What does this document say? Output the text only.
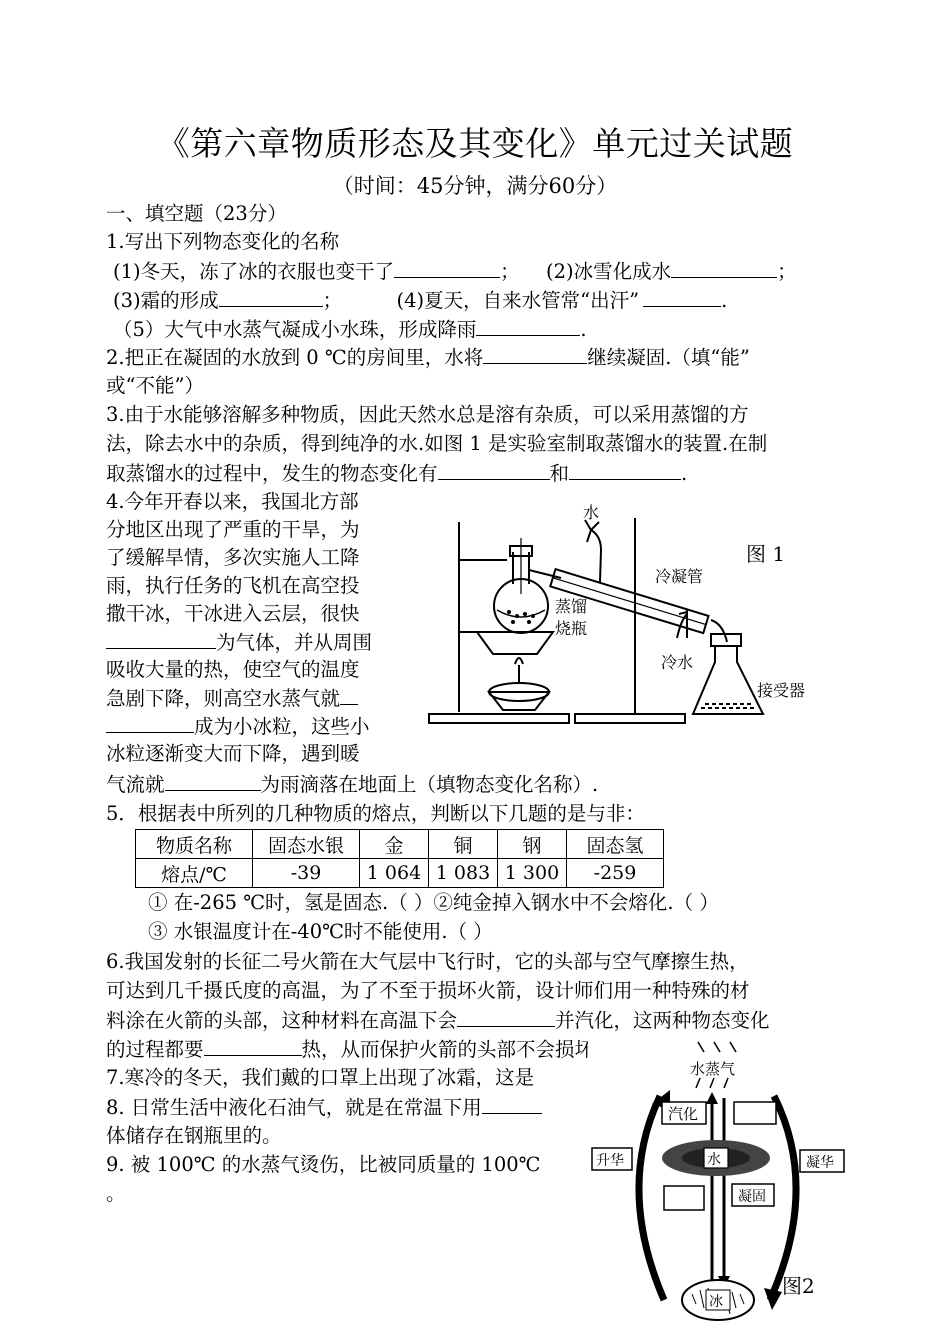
《第六章物质形态及其变化》单元过关试题
（时间：45分钟，满分60分）
一、填空题（23分）
1.写出下列物态变化的名称
(1)冬天，冻了冰的衣服也变干了	； (2)冰雪化成水	；
(3)霜的形成	；	(4)夏天，自来水管常“出汗”	.
（5）大气中水蒸气凝成小水珠，形成降雨	.
2.把正在凝固的水放到 0 ℃的房间里，水将	继续凝固.（填“能”
或“不能”）
3.由于水能够溶解多种物质，因此天然水总是溶有杂质，可以采用蒸馏的方
法，除去水中的杂质，得到纯净的水.如图 1 是实验室制取蒸馏水的装置.在制
取蒸馏水的过程中，发生的物态变化有	和	.
4.今年开春以来，我国北方部
分地区出现了严重的干旱，为
了缓解旱情，多次实施人工降
雨，执行任务的飞机在高空投
撒干冰，干冰进入云层，很快
为气体，并从周围
吸收大量的热，使空气的温度
急剧下降，则高空水蒸气就
成为小冰粒，这些小
冰粒逐渐变大而下降，遇到暖
气流就	为雨滴落在地面上（填物态变化名称）.
水
冷凝管
蒸馏
烧瓶
冷水
接受器
图 1
5．根据表中所列的几种物质的熔点，判断以下几题的是与非：
物质名称	固态水银	金	铜	钢	固态氢
熔点/℃	-39	1 064	1 083	1 300	-259
① 在-265 ℃时，氢是固态.（ ）②纯金掉入钢水中不会熔化.（ ）
③ 水银温度计在-40℃时不能使用.（ ）
6.我国发射的长征二号火箭在大气层中飞行时，它的头部与空气摩擦生热，
可达到几千摄氏度的高温，为了不至于损坏火箭，设计师们用一种特殊的材
料涂在火箭的头部，这种材料在高温下会	并汽化，这两种物态变化
的过程都要	热，从而保护火箭的头部不会损坏
7.寒冷的冬天，我们戴的口罩上出现了冰霜，这是
8. 日常生活中液化石油气，就是在常温下用
体储存在钢瓶里的。
9. 被 100℃ 的水蒸气烫伤，比被同质量的 100℃
。
水蒸气
汽化
水
升华	凝华
凝固
冰
图2
